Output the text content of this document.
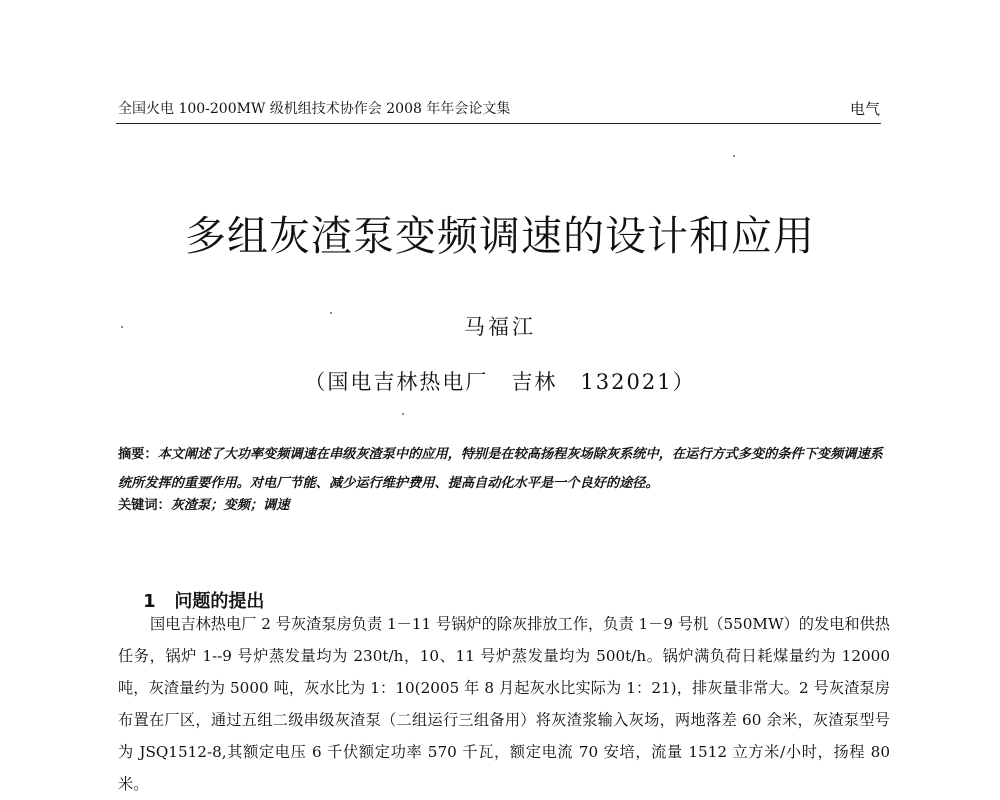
全国火电 100-200MW 级机组技术协作会 2008 年年会论文集	电气
多组灰渣泵变频调速的设计和应用
马福江
（国电吉林热电厂　吉林　132021）
摘要：本文阐述了大功率变频调速在串级灰渣泵中的应用，特别是在较高扬程灰场除灰系统中，在运行方式多变的条件下变频调速系统所发挥的重要作用。对电厂节能、减少运行维护费用、提高自动化水平是一个良好的途径。
关键词：灰渣泵；变频；调速

1 问题的提出

国电吉林热电厂 2 号灰渣泵房负责 1－11 号锅炉的除灰排放工作，负责 1－9 号机（550MW）的发电和供热任务，锅炉 1--9 号炉蒸发量均为 230t/h，10、11 号炉蒸发量均为 500t/h。锅炉满负荷日耗煤量约为 12000 吨，灰渣量约为 5000 吨，灰水比为 1：10(2005 年 8 月起灰水比实际为 1：21)，排灰量非常大。2 号灰渣泵房布置在厂区，通过五组二级串级灰渣泵（二组运行三组备用）将灰渣浆输入灰场，两地落差 60 余米，灰渣泵型号为 JSQ1512-8,其额定电压 6 千伏额定功率 570 千瓦，额定电流 70 安培，流量 1512 立方米/小时，扬程 80 米。
